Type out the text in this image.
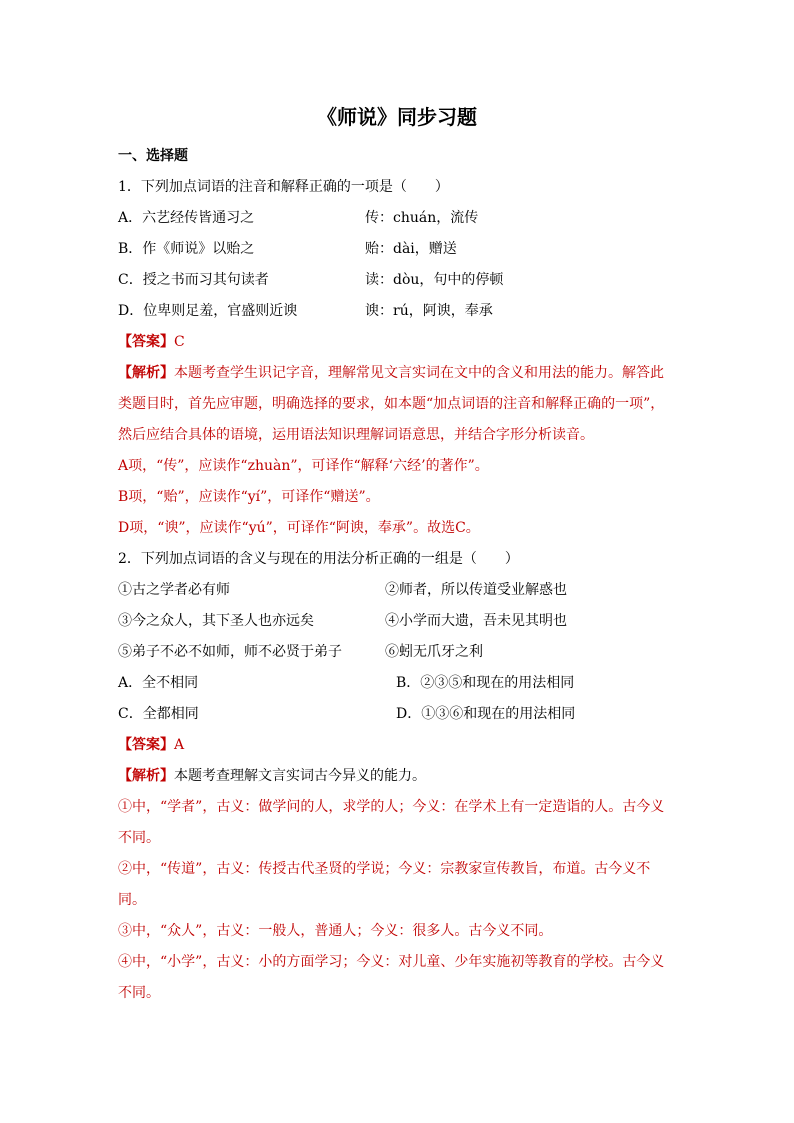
《师说》同步习题
一、选择题
1．下列加点词语的注音和解释正确的一项是（　　）
A．六艺经传皆通习之	传：chuán，流传
B．作《师说》以贻之	贻：dài，赠送
C．授之书而习其句读者	读：dòu，句中的停顿
D．位卑则足羞，官盛则近谀	谀：rú，阿谀，奉承
【答案】C
【解析】本题考查学生识记字音，理解常见文言实词在文中的含义和用法的能力。解答此
类题目时，首先应审题，明确选择的要求，如本题“加点词语的注音和解释正确的一项”，
然后应结合具体的语境，运用语法知识理解词语意思，并结合字形分析读音。
A项，“传”，应读作“zhuàn”，可译作“解释‘六经’的著作”。
B项，“贻”，应读作“yí”，可译作“赠送”。
D项，“谀”，应读作“yú”，可译作“阿谀，奉承”。故选C。
2．下列加点词语的含义与现在的用法分析正确的一组是（　　）
①古之学者必有师	②师者，所以传道受业解惑也
③今之众人，其下圣人也亦远矣	④小学而大遗，吾未见其明也
⑤弟子不必不如师，师不必贤于弟子	⑥蚓无爪牙之利
A．全不相同	B．②③⑤和现在的用法相同
C．全都相同	D．①③⑥和现在的用法相同
【答案】A
【解析】本题考查理解文言实词古今异义的能力。
①中，“学者”，古义：做学问的人，求学的人；今义：在学术上有一定造诣的人。古今义
不同。
②中，“传道”，古义：传授古代圣贤的学说；今义：宗教家宣传教旨，布道。古今义不
同。
③中，“众人”，古义：一般人，普通人；今义：很多人。古今义不同。
④中，“小学”，古义：小的方面学习；今义：对儿童、少年实施初等教育的学校。古今义
不同。
